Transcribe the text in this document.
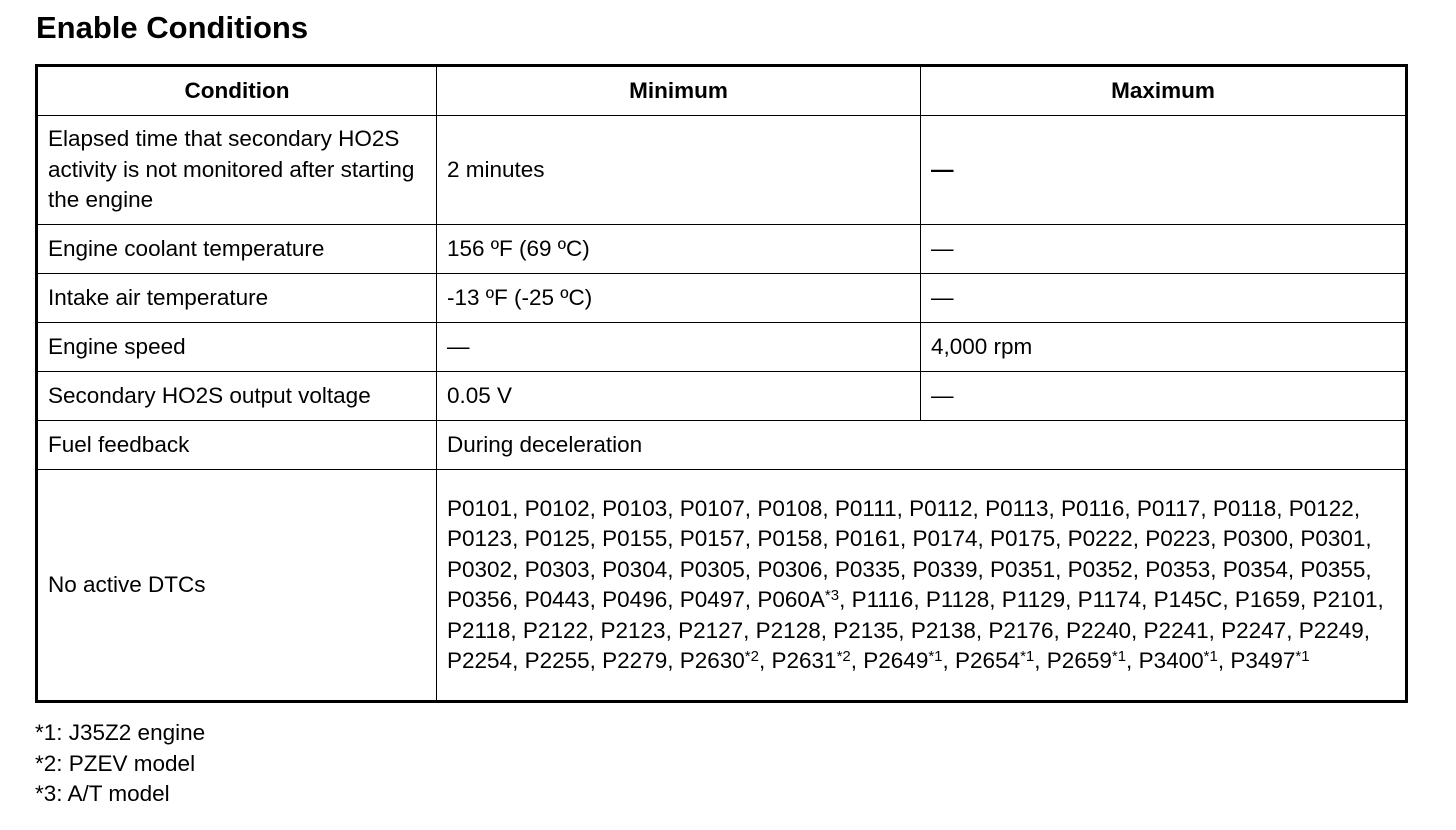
Enable Conditions
Condition	Minimum	Maximum
Elapsed time that secondary HO2S activity is not monitored after starting the engine	2 minutes	—
Engine coolant temperature	156 ºF (69 ºC)	—
Intake air temperature	-13 ºF (-25 ºC)	—
Engine speed	—	4,000 rpm
Secondary HO2S output voltage	0.05 V	—
Fuel feedback	During deceleration	
No active DTCs	P0101, P0102, P0103, P0107, P0108, P0111, P0112, P0113, P0116, P0117, P0118, P0122, P0123, P0125, P0155, P0157, P0158, P0161, P0174, P0175, P0222, P0223, P0300, P0301, P0302, P0303, P0304, P0305, P0306, P0335, P0339, P0351, P0352, P0353, P0354, P0355, P0356, P0443, P0496, P0497, $P060A^{*3}$, P1116, P1128, P1129, P1174, P145C, P1659, P2101, P2118, P2122, P2123, P2127, P2128, P2135, P2138, P2176, P2240, P2241, P2247, P2249, P2254, P2255, P2279, P2630$^{*2}$, P2631$^{*2}$, P2649$^{*1}$, P2654$^{*1}$, P2659$^{*1}$, P3400$^{*1}$, P3497$^{*1}$
*1: J35Z2 engine
*2: PZEV model
*3: A/T model
